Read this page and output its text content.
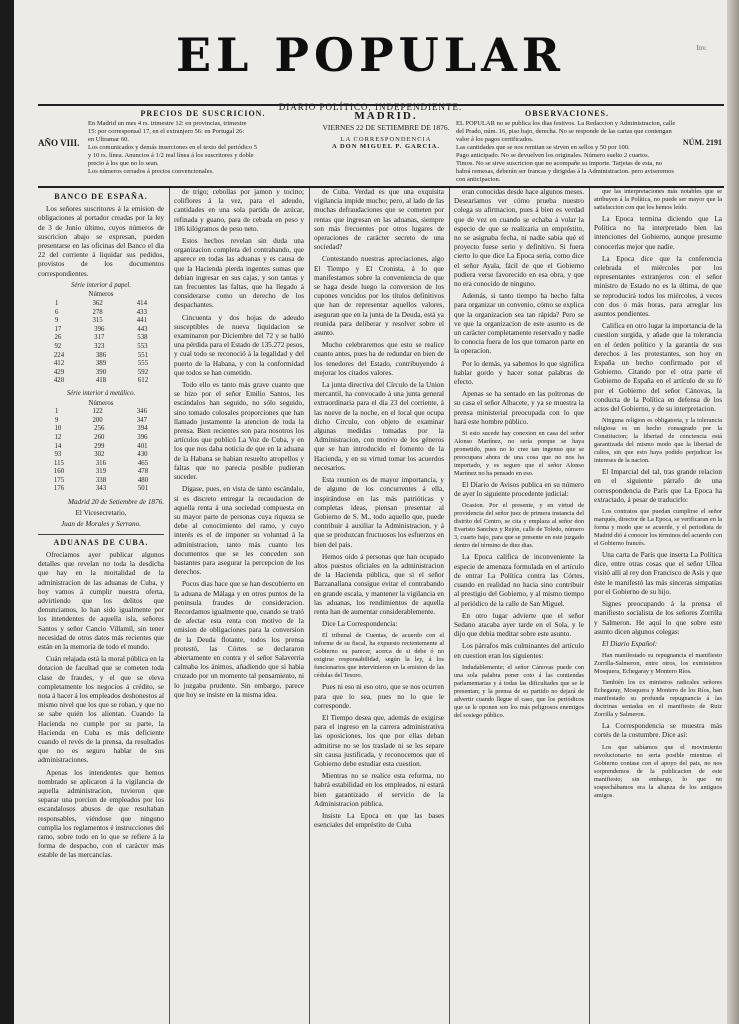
EL POPULAR
DIARIO POLÍTICO, INDEPENDIENTE.
Inv.
AÑO VIII.
PRECIOS DE SUSCRICION.
En Madrid un mes 4 rs. trimestre 12: en provincias, trimestre
15: por corresponsal 17, en el extranjero 56: en Portugal 26:
en Ultramar 60.
Los comunicados y demás inserciones en el texto del periódico 5
y 10 rs. línea. Anuncios á 1/2 real línea á los suscritores y doble
precio á los que no lo sean.
Los números cerrados á precios convencionales.
MADRID.
VIERNES 22 DE SETIEMBRE DE 1876.
LA CORRESPONDENCIA
A DON MIGUEL P. GARCIA.
OBSERVACIONES.
EL POPULAR no se publica los dias festivos. La Redaccion y Administracion, calle del Prado, núm. 16, piso bajo, derecha. No se responde de las cartas que contengan valor á los pagos certificados.
Las cantidades que se nos remitan se sirven en sellos y 50 por 100.
Pago anticipado. No se devuelven los originales. Número suelto 2 cuartos.
Timos. No se sirve suscricion que no acompañe su importe. Tarjetas de esta, no habrá remesas, deberán ser francas y dirigidas á la Administracion. pero aviseremos con anticipacion.
NÚM. 2191
BANCO DE ESPAÑA.

Los señores suscritores á la emision de obligaciones al portador creadas por la ley de 3 de Junio último, cuyos números de suscricion abajo se expresan, pueden presentarse en las oficinas del Banco el dia 22 del corriente á liquidar sus pedidos, provistos de los documentos correspondientes.

Série interior á papel.
Números
1	362	414
6	278	433
9	315	441
17	396	443
26	317	538
92	323	553
224	386	551
412	389	555
429	390	592
420	418	612
Série interior á metálico.
Números
1	122	346
9	200	347
10	256	394
12	260	396
14	299	401
93	302	430
115	316	465
160	319	478
175	338	480
176	343	501
Madrid 20 de Setiembre de 1876.
El Vicesecretario,
Juan de Morales y Serrano.
ADUANAS DE CUBA.

Ofrecíamos ayer publicar algunos detalles que revelan no toda la desdicha que hay en la mortalidad de la administracion de las aduanas de Cuba, y hoy vamos á cumplir nuestra oferta, advirtiendo que los delitos que denunciamos, lo han sido igualmente por los intendentes de aquella isla, señores Santos y señor Cancio Villamil, sin tener necesidad de otros datos más recientes que están en la memoria de todo el mundo.

Cuán relajada está la moral pública en la dotacion de facultad que se cometen toda clase de fraudes, y el que se eleva completamente los negocios á crédito, se nota á hacer á los empleados deshonestos al mismo nivel que los que se roban, y que no se sabe quién los alientan. Cuando la Hacienda no cumple por su parte, la Hacienda en Cuba es más deficiente cuando el revés de la prensa, da resultados que no es seguro hablar de sus administraciones.

Apenas los intendentes que hemos nombrado se aplicaron á la vigilancia de aquella administracion, tuvieron que separar una porcion de empleados por los escandalosos abusos de que resultaban responsables, viéndose que ninguno cumplia los reglamentos é instrucciones del ramo, sobre todo en lo que se refiere á la forma de despacho, con el carácter más estable de las mercancías.

de trigo; cebollas por jamon y tocino; coliflores á la vez, para el adeudo, cantidades en una sola partida de azúcar, refinada y guano, para de cebada en peso y 186 kilógramos de peso neto.

Estos hechos revelan sin duda una organizacion completa del contrabando, que aparece en todas las aduanas y es causa de que la Hacienda pierda ingentes sumas que debian ingresar en sus cajas, y son tantas y tan frecuentes las faltas, que ha llegado á considerarse como un derecho de los despachantes.

Cincuenta y dos hojas de adeudo susceptibles de nueva liquidacion se examinaron por Diciembre del 72 y se halló una pérdida para el Estado de 135.272 pesos, y cual todo se reconoció á la legalidad y del puerto de la Habana, y con la conformidad que todos se han cometido.

Todo ello es tanto más grave cuanto que se hizo por el señor Emilio Santos, los escándalos han seguido, no sólo seguido, sino tomado colosales proporciones que han llamado justamente la atencion de toda la prensa. Bien recientes son para nosotros los artículos que publicó La Voz de Cuba, y en los que nos daba noticia de que en la aduana de la Habana se habian resuelto atropellos y faltas que no parecia posible pudieran suceder.

Dígase, pues, en vista de tanto escándalo, si es discreto entregar la recaudacion de aquella renta á una sociedad compuesta en su mayor parte de personas cuya riqueza se debe al conocimiento del ramo, y cuyo interés es el de imponer su voluntad á la administracion, tanto más cuanto los documentos que se les conceden son bastantes para asegurar la percepcion de los derechos.

Pocos dias hace que se han descubierto en la aduana de Málaga y en otros puntos de la península fraudes de consideracion. Recordamos igualmente que, cuando se trató de afectar esta renta con motivo de la emision de obligaciones para la conversion de la Deuda flotante, todos los prensa protestó, las Córtes se declararon abiertamente en contra y el señor Salaverría calmaba los ánimos, añadiendo que si habia cruzado por un momento tal pensamiento, ni lo juzgaba prudente. Sin embargo, parece que hoy se insiste en la misma idea.

de Cuba. Verdad es que una exquisita vigilancia impide mucho; pero, al lado de las muchas defraudaciones que se cometen por rentas que ingresan en las aduanas, siempre son más frecuentes por otros lugares de operaciones de carácter secreto de una sociedad?

Contestando nuestras apreciaciones, algo El Tiempo y El Cronista, á lo que manifestamos sobre la conveniencia de que se haga desde luego la conversion de los cupones vencidos por los títulos definitivos que han de representar aquellos valores, aseguran que en la junta de la Deuda, está ya reunida para deliberar y resolver sobre el asunto.

Mucho celebraremos que esto se realice cuanto antes, pues ha de redundar en bien de los tenedores del Estado, contribuyendo á mejorar los citados valores.

La junta directiva del Círculo de la Union mercantil, ha convocado á una junta general extraordinaria para el dia 23 del corriente, á las nueve de la noche, en el local que ocupa dicho Círculo, con objeto de examinar algunas medidas tomadas por la Administracion, con motivo de los géneros que se han introducido el fomento de la Hacienda, y en su virtud tomar los acuerdos necesarios.

Esta reunion es de mayor importancia, y de alguno de los concurrentes á ella, inspirándose en las más patrióticas y completas ideas, piensan presentar al Gobierno de S. M., todo aquello que, puede contribuir á auxiliar la Administracion, y á que se produzcan fructuosos los esfuerzos en bien del pais.

Hemos oido á personas que han ocupado altos puestos oficiales en la administracion de la Hacienda pública, que si el señor Barzanallana consigue evitar el contrabando en grande escala, y mantener la vigilancia en las aduanas, los rendimientos de aquella renta han de aumentar considerablemente.

Dice La Correspondencia:

El tribunal de Cuentas, de acuerdo con el informe de su fiscal, ha expuesto recientemente al Gobierno su parecer, acerca de si debe ó no exigirse responsabilidad, según la ley, á los funcionarios que intervinieron en la emision de las cédulas del Tesoro.

Pues ni eso ni eso otro, que se nos ocurren para que lo sea, pues no lo que le corresponde.

El Tiempo desea que, además de exigirse para el ingreso en la carrera administrativa las oposiciones, los que por ellas deban admitirse no se los traslade ni se les separe sin causa justificada, y reconocemos que el Gobierno debe estudiar esta cuestion.

Mientras no se realice esta reforma, no habrá estabilidad en los empleados, ni estará bien garantizado el servicio de la Administracion pública.

Insiste La Epoca en que las bases esenciales del empréstito de Cuba

eran conocidas desde hace algunos meses. Deseariamos ver cómo prueba nuestro colega su afirmacion, pues á bien es verdad que de vez en cuando se echaba á volar la especie de que se realizaria un empréstito, no se asignaba fecha, ni nadie sabia qué el proyecto fuese serio y definitivo. Si fuera cierto lo que dice La Epoca sería, como dice el señor Ayala, fácil de que el Gobierno pudiera verse favorecido en esa obra, y que no era conocido de ninguno.

Además, si tanto tiempo ha hecho falta para organizar un convenio, cómo se explica que la organizacion sea tan rápida? Pero se ve que la organizacion de este asunto es de un carácter completamente reservado y nadie lo conocia fuera de los que tomaron parte en la operacion.

Por lo demás, ya sabemos lo que significa hablar gordo y hacer sonar palabras de efecto.

Apenas se ha sentado en las poltronas de su casa el señor Albacete, y ya se muestra la prensa ministerial preocupada con lo que hará este hombre público.

Si esto sucede hay conexion en casa del señor Alonso Martínez, no sería porque se haya prometido, pues no lo cree tan ingenuo que se preocupara ahora de una cosa que no nos ha importado, y es seguro que el señor Alonso Martínez no ha pensado en eso.

El Diario de Avisos publica en su número de ayer lo siguiente procedente judicial:

Ocasion. Por el presente, y en virtud de providencia del señor juez de primera instancia del distrito del Centro, se cita y emplaza al señor don Evaristo Sanchez y Rejón, calle de Toledo, número 3, cuarto bajo, para que se presente en este juzgado dentro del término de diez dias.

La Epoca califica de inconveniente la especie de amenaza formulada en el artículo de entrar La Política contra las Córtes, cuando en realidad no hacia sino contribuir al prestigio del Gobierno, y al mismo tiempo al periódico de la calle de San Miguel.

En otro lugar advierte que el señor Sedano atacaba ayer tarde en el Sola, y le dijo que debia meditar sobre este asunto.

Los párrafos más culminantes del artículo en cuestion eran los siguientes:

Indudablemente; el señor Cánovas puede con una sola palabra poner coto á las contiendas parlamentarias y á todas las dificultades que se le presentan; y la prensa de su partido no dejará de advertir cuando llegue el caso, que los periódicos que se le oponen son los más peligrosos enemigos del sosiego público.

que las interpretaciones más notables que se atribuyen á la Política, no puede ser mayor que la satisfaccion con que los hemos leído.

La Epoca termina diciendo que La Política no ha interpretado bien las intenciones del Gobierno, aunque presume conocerlas mejor que nadie.

La Epoca dice que la conferencia celebrada el miércoles por los representantes extranjeros con el señor ministro de Estado no es la última, de que se reproducirá todos los miércoles, á veces con dos ó más horas, para arreglar los asuntos pendientes.

Califica en otro lugar la importancia de la cuestion surgida, y añade que la tolerancia en el órden político y la garantía de sus derechos á los protestantes, son hoy en España un hecho confirmado por el Gobierno. Citando por el otra parte el Gobierno de España en el artículo de su fé por el Gobierno del señor Cánovas, la conducta de la Política en defensa de los actos del Gobierno, y de su interpretacion.

Ninguna religion es obligatoria, y la tolerancia religiosa es un hecho consagrado por la Constitucion; la libertad de conciencia está garantizada del mismo modo que la libertad de cultos, sin que esto haya podido perjudicar los intereses de la nacion.

El Imparcial del tal, tras grande relacion en el siguiente párrafo de una correspondencia de París que La Epoca ha extractado, á pesar de traducirlo:

Los contratos que puedan cumplirse el señor marqués, director de La Epoca, se verificaran en la forma y modo que se acuerde, y el periodista de Madrid dió á conocer los términos del acuerdo con el Gobierno francés.

Una carta de París que inserta La Política dice, entre otras cosas que el señor Ulloa visitó allí al rey don Francisco de Asís y que éste le manifestó las más sinceras simpatías por el Gobierno de su hijo.

Signes preocupando á la prensa el manifiesto socialista de los señores Zorrilla y Salmeron. He aquí lo que sobre este asunto dicen algunos colegas:

El Diario Español:

Han manifestado su repugnancia el manifiesto Zorrilla-Salmeron, entre otros, los exministros Mosquera, Echegaray y Montero Ríos.

También los ex ministros radicales señores Echegaray, Mosquera y Montero de los Ríos, han manifestado su profunda repugnancia á las doctrinas sentadas en el manifiesto de Ruiz Zorrilla y Salmeron.

La Correspondencia se muestra más cortés de la costumbre. Dice así:

Los que sabíamos que el movimiento revolucionario no seria posible mientras el Gobierno contase con el apoyo del pais, no nos sorprendemos de la publicacion de este manifiesto; sin embargo, lo que no sospechábamos era la alianza de los antiguos amigos.
